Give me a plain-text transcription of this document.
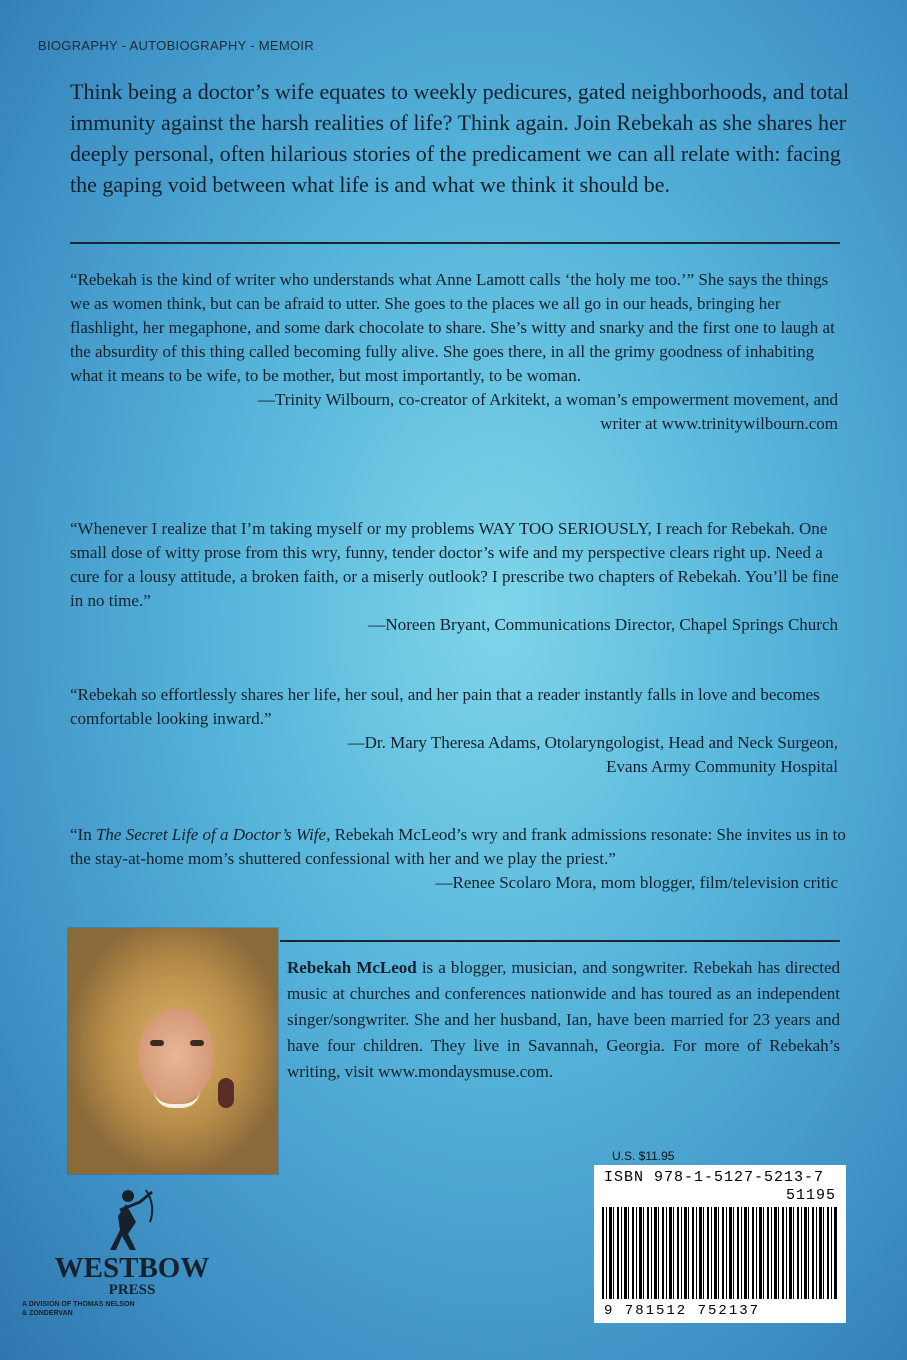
BIOGRAPHY - AUTOBIOGRAPHY - MEMOIR
Think being a doctor’s wife equates to weekly pedicures, gated neighborhoods, and total immunity against the harsh realities of life? Think again. Join Rebekah as she shares her deeply personal, often hilarious stories of the predicament we can all relate with: facing the gaping void between what life is and what we think it should be.

“Rebekah is the kind of writer who understands what Anne Lamott calls ‘the holy me too.’” She says the things we as women think, but can be afraid to utter. She goes to the places we all go in our heads, bringing her flashlight, her megaphone, and some dark chocolate to share. She’s witty and snarky and the first one to laugh at the absurdity of this thing called becoming fully alive. She goes there, in all the grimy goodness of inhabiting what it means to be wife, to be mother, but most importantly, to be woman.

—Trinity Wilbourn, co-creator of Arkitekt, a woman’s empowerment movement, and

writer at www.trinitywilbourn.com

“Whenever I realize that I’m taking myself or my problems WAY TOO SERIOUSLY, I reach for Rebekah. One small dose of witty prose from this wry, funny, tender doctor’s wife and my perspective clears right up. Need a cure for a lousy attitude, a broken faith, or a miserly outlook? I prescribe two chapters of Rebekah. You’ll be fine in no time.”

—Noreen Bryant, Communications Director, Chapel Springs Church

“Rebekah so effortlessly shares her life, her soul, and her pain that a reader instantly falls in love and becomes comfortable looking inward.”

—Dr. Mary Theresa Adams, Otolaryngologist, Head and Neck Surgeon,

Evans Army Community Hospital

“In The Secret Life of a Doctor’s Wife, Rebekah McLeod’s wry and frank admissions resonate: She invites us in to the stay-at-home mom’s shuttered confessional with her and we play the priest.”

—Renee Scolaro Mora, mom blogger, film/television critic

Rebekah McLeod is a blogger, musician, and songwriter. Rebekah has directed music at churches and conferences nationwide and has toured as an independent singer/songwriter. She and her husband, Ian, have been married for 23 years and have four children. They live in Savannah, Georgia. For more of Rebekah’s writing, visit www.mondaysmuse.com.
U.S. $11.95
ISBN 978-1-5127-5213-7
51195
9 781512 752137
WESTBOW
PRESS
A DIVISION OF THOMAS NELSON
& ZONDERVAN
